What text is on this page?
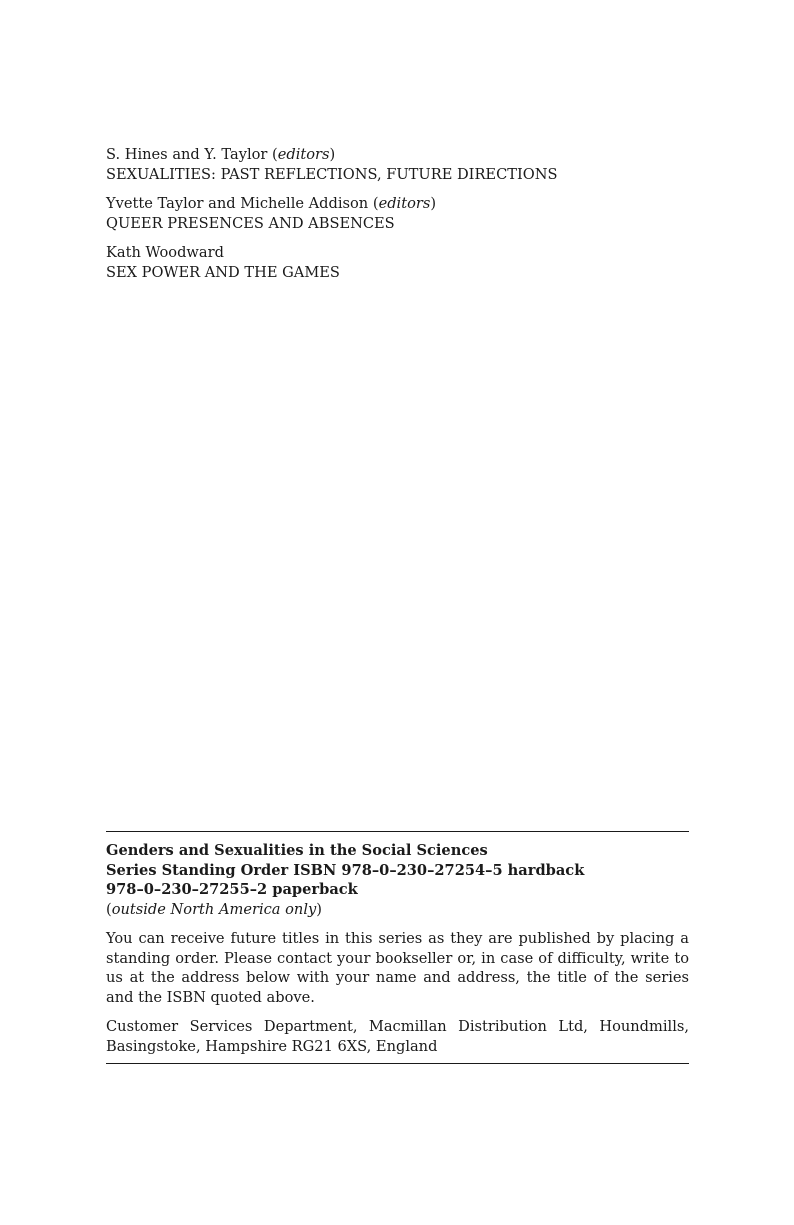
S. Hines and Y. Taylor (editors)
SEXUALITIES: PAST REFLECTIONS, FUTURE DIRECTIONS
Yvette Taylor and Michelle Addison (editors)
QUEER PRESENCES AND ABSENCES
Kath Woodward
SEX POWER AND THE GAMES
Genders and Sexualities in the Social Sciences
Series Standing Order ISBN 978–0–230–27254–5 hardback
978–0–230–27255–2 paperback
(outside North America only)
You can receive future titles in this series as they are published by placing a standing order. Please contact your bookseller or, in case of difficulty, write to us at the address below with your name and address, the title of the series and the ISBN quoted above.
Customer Services Department, Macmillan Distribution Ltd, Houndmills, Basingstoke, Hampshire RG21 6XS, England
